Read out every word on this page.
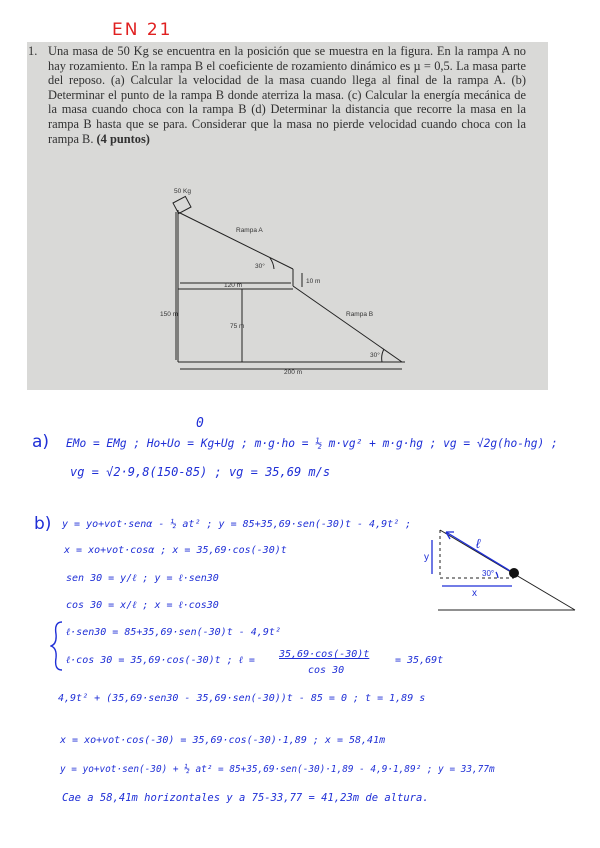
EN 21
1. Una masa de 50 Kg se encuentra en la posición que se muestra en la figura. En la rampa A no hay rozamiento. En la rampa B el coeficiente de rozamiento dinámico es µ = 0,5. La masa parte del reposo. (a) Calcular la velocidad de la masa cuando llega al final de la rampa A. (b) Determinar el punto de la rampa B donde aterriza la masa. (c) Calcular la energía mecánica de la masa cuando choca con la rampa B (d) Determinar la distancia que recorre la masa en la rampa B hasta que se para. Considerar que la masa no pierde velocidad cuando choca con la rampa B. (4 puntos)
50 Kg
Rampa A
30°
10 m
120 m
150 m
75 m
Rampa B
30°
200 m
a)
0
EMo = EMg ; Ho+Uo = Kg+Ug ; m·g·ho = ½ m·vg² + m·g·hg ; vg = √2g(ho-hg) ;
vg = √2·9,8(150-85) ; vg = 35,69 m/s
b) y = yo+vot·senα - ½ at² ; y = 85+35,69·sen(-30)t - 4,9t² ;
x = xo+vot·cosα ; x = 35,69·cos(-30)t
sen 30 = y/ℓ ; y = ℓ·sen30
cos 30 = x/ℓ ; x = ℓ·cos30
ℓ·sen30 = 85+35,69·sen(-30)t - 4,9t²
ℓ·cos 30 = 35,69·cos(-30)t ; ℓ =
35,69·cos(-30)t
cos 30
= 35,69t
4,9t² + (35,69·sen30 - 35,69·sen(-30))t - 85 = 0 ; t = 1,89 s
x = xo+vot·cos(-30) = 35,69·cos(-30)·1,89 ; x = 58,41m
y = yo+vot·sen(-30) + ½ at² = 85+35,69·sen(-30)·1,89 - 4,9·1,89² ; y = 33,77m
Cae a 58,41m horizontales y a 75-33,77 = 41,23m de altura.
ℓ
30°
y
x
